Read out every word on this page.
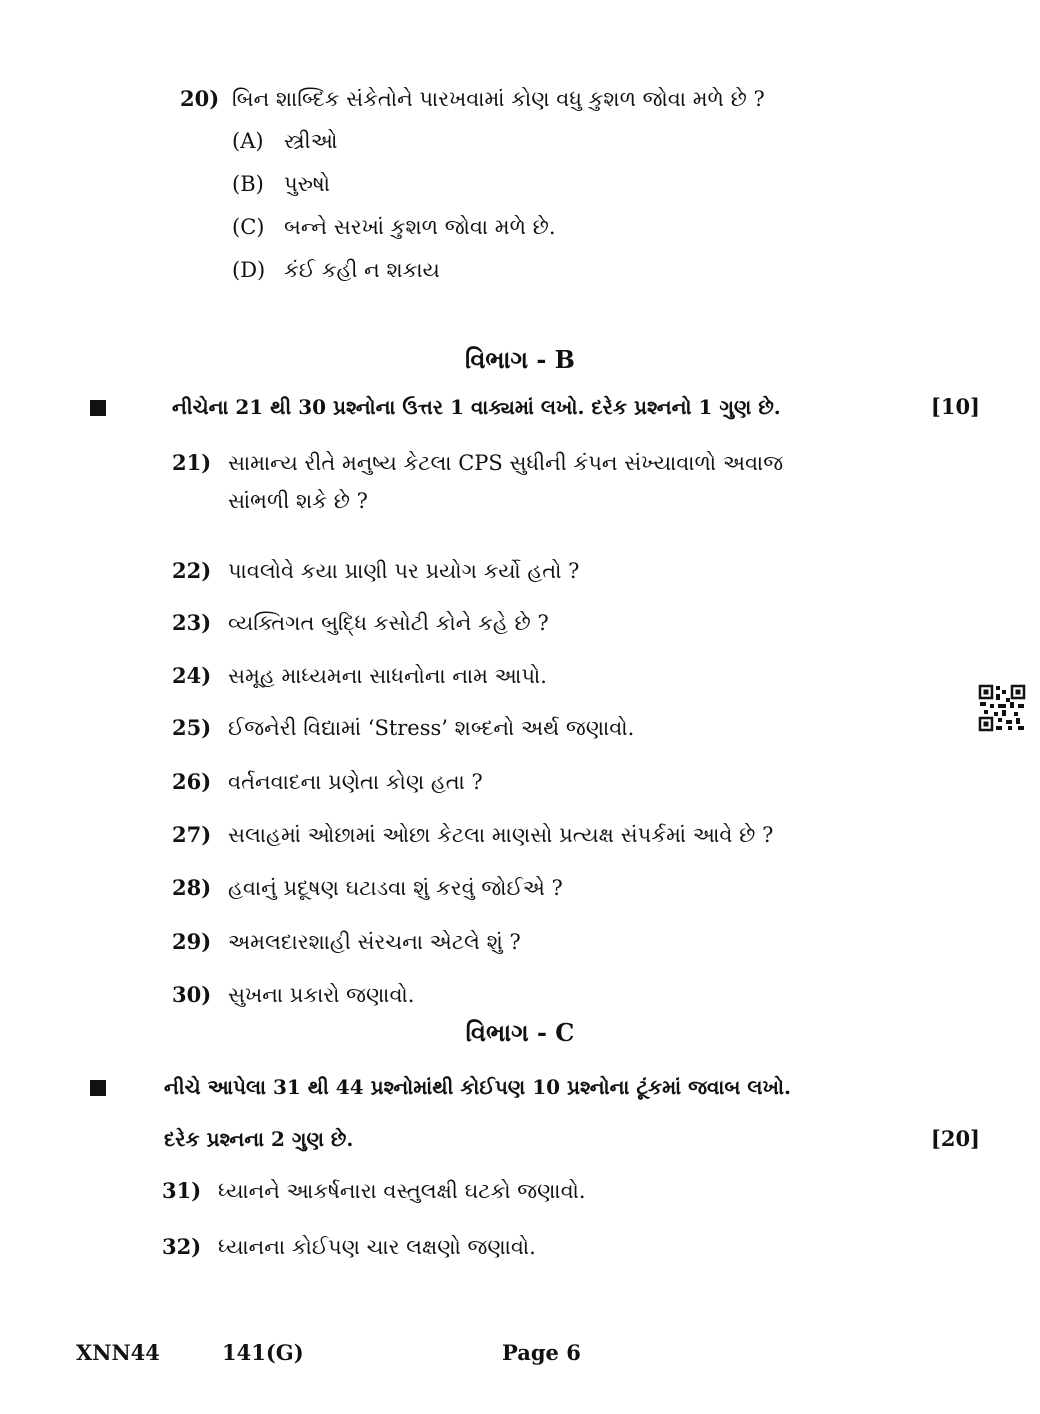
20) બિન શાબ્દિક સંકેતોને પારખવામાં કોણ વધુ કુશળ જોવા મળે છે ?
(A) સ્ત્રીઓ
(B) પુરુષો
(C) બન્ને સરખાં કુશળ જોવા મળે છે.
(D) કંઈ કહી ન શકાય
વિભાગ - B
નીચેના 21 થી 30 પ્રશ્નોના ઉત્તર 1 વાક્યમાં લખો. દરેક પ્રશ્નનો 1 ગુણ છે.	[10]
21) સામાન્ય રીતે મનુષ્ય કેટલા CPS સુધીની કંપન સંખ્યાવાળો અવાજ
સાંભળી શકે છે ?
22) પાવલોવે કયા પ્રાણી પર પ્રયોગ કર્યો હતો ?
23) વ્યક્તિગત બુદ્ધિ કસોટી કોને કહે છે ?
24) સમૂહ માધ્યમના સાધનોના નામ આપો.
25) ઈજનેરી વિદ્યામાં ‘Stress’ શબ્દનો અર્થ જણાવો.
26) વર્તનવાદના પ્રણેતા કોણ હતા ?
27) સલાહમાં ઓછામાં ઓછા કેટલા માણસો પ્રત્યક્ષ સંપર્કમાં આવે છે ?
28) હવાનું પ્રદૂષણ ઘટાડવા શું કરવું જોઈએ ?
29) અમલદારશાહી સંરચના એટલે શું ?
30) સુખના પ્રકારો જણાવો.
વિભાગ - C
નીચે આપેલા 31 થી 44 પ્રશ્નોમાંથી કોઈપણ 10 પ્રશ્નોના ટૂંકમાં જવાબ લખો.
દરેક પ્રશ્નના 2 ગુણ છે.	[20]
31) ધ્યાનને આકર્ષનારા વસ્તુલક્ષી ઘટકો જણાવો.
32) ધ્યાનના કોઈપણ ચાર લક્ષણો જણાવો.
XNN44	141(G)	Page 6
